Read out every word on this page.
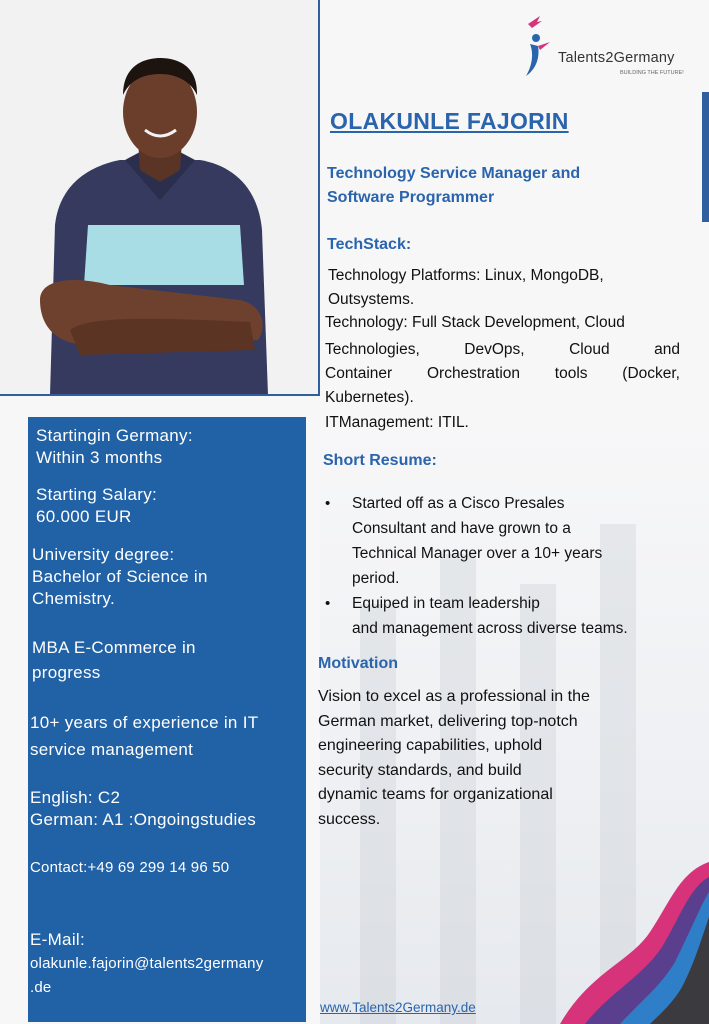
Talents2Germany
BUILDING THE FUTURE!
OLAKUNLE FAJORIN
Technology Service Manager and
Software Programmer
TechStack:
Technology Platforms: Linux, MongoDB,
Outsystems.
Technology: Full Stack Development, Cloud
Technologies, DevOps, Cloud and
Container Orchestration tools (Docker,
Kubernetes).
ITManagement: ITIL.
Short Resume:
• Started off as a Cisco Presales
Consultant and have grown to a
Technical Manager over a 10+ years
period.
• Equiped in team leadership
and management across diverse teams.
Motivation
Vision to excel as a professional in the
German market, delivering top-notch
engineering capabilities, uphold
security standards, and build
dynamic teams for organizational
success.
Startingin Germany:
Within 3 months
Starting Salary:
60.000 EUR
University degree:
Bachelor of Science in
Chemistry.
MBA E-Commerce in
progress
10+ years of experience in IT
service management
English: C2
German: A1 :Ongoingstudies
Contact:+49 69 299 14 96 50
E-Mail:
olakunle.fajorin@talents2germany
.de
www.Talents2Germany.de
